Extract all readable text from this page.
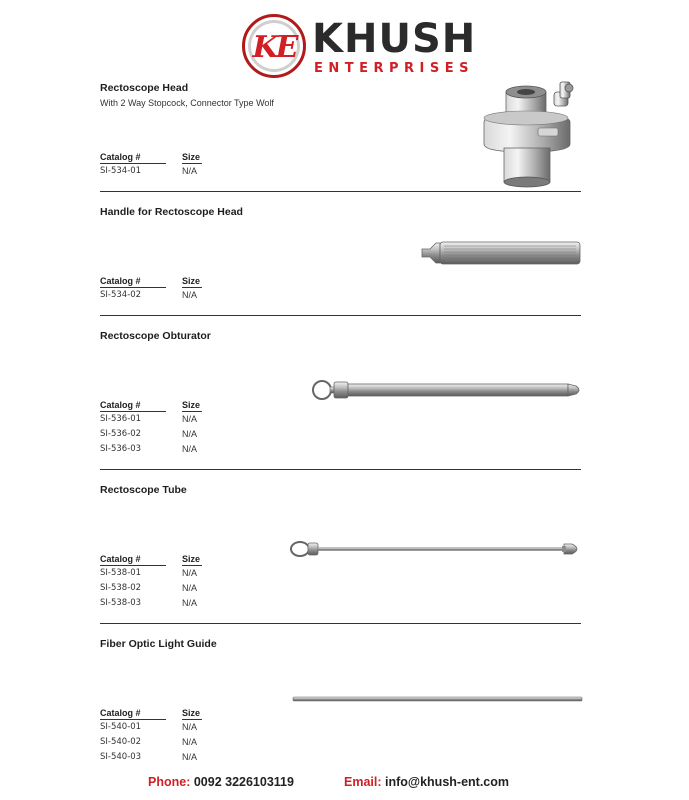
KE KHUSH
ENTERPRISES
Rectoscope Head
With 2 Way Stopcock, Connector Type Wolf
Catalog #	Size
SI-534-01	N/A
Handle for Rectoscope Head
Catalog #	Size
SI-534-02	N/A
Rectoscope Obturator
Catalog #	Size
SI-536-01	N/A
SI-536-02	N/A
SI-536-03	N/A
Rectoscope Tube
Catalog #	Size
SI-538-01	N/A
SI-538-02	N/A
SI-538-03	N/A
Fiber Optic Light Guide
Catalog #	Size
SI-540-01	N/A
SI-540-02	N/A
SI-540-03	N/A
Phone: 0092 3226103119	Email: info@khush-ent.com
